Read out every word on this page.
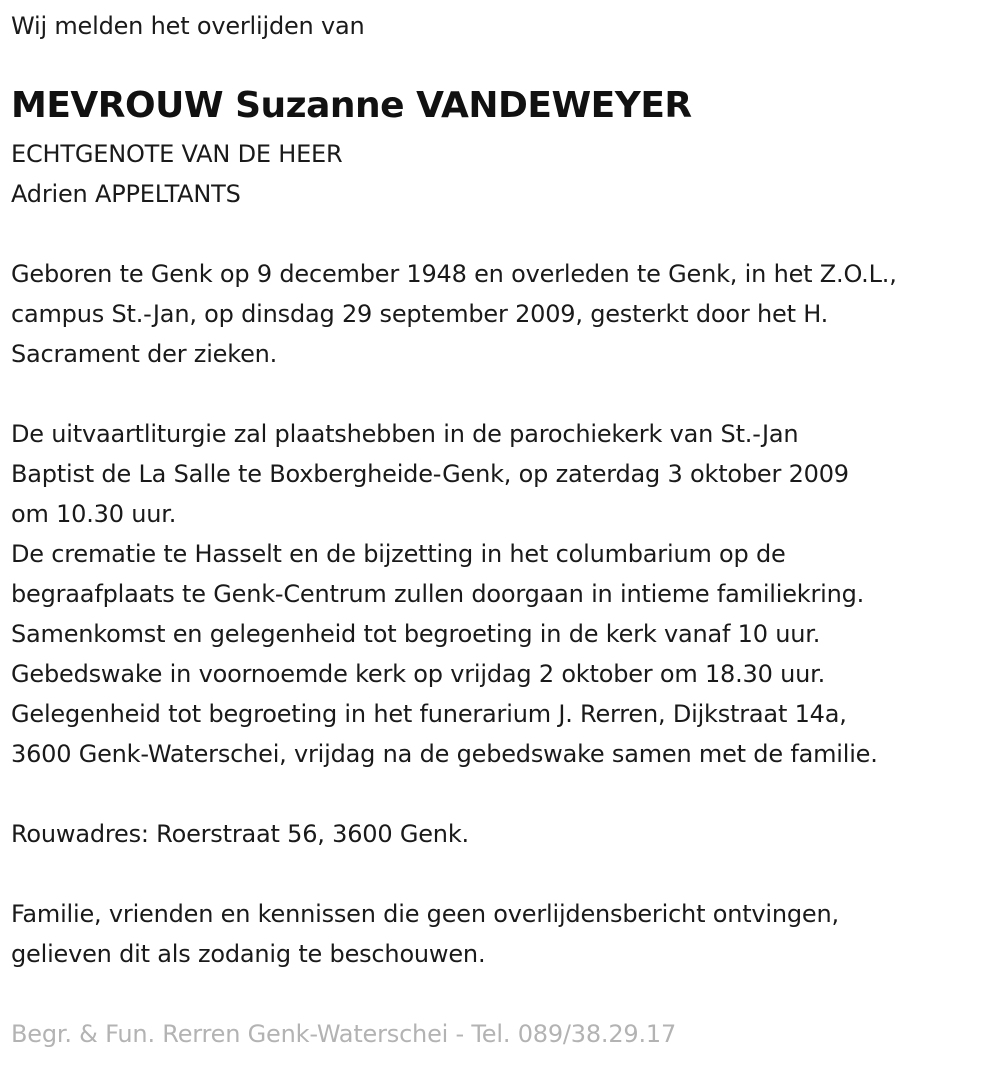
Wij melden het overlijden van
MEVROUW Suzanne VANDEWEYER
ECHTGENOTE VAN DE HEER
Adrien APPELTANTS
Geboren te Genk op 9 december 1948 en overleden te Genk, in het Z.O.L.,
campus St.-Jan, op dinsdag 29 september 2009, gesterkt door het H.
Sacrament der zieken.
De uitvaartliturgie zal plaatshebben in de parochiekerk van St.-Jan
Baptist de La Salle te Boxbergheide-Genk, op zaterdag 3 oktober 2009
om 10.30 uur.
De crematie te Hasselt en de bijzetting in het columbarium op de
begraafplaats te Genk-Centrum zullen doorgaan in intieme familiekring.
Samenkomst en gelegenheid tot begroeting in de kerk vanaf 10 uur.
Gebedswake in voornoemde kerk op vrijdag 2 oktober om 18.30 uur.
Gelegenheid tot begroeting in het funerarium J. Rerren, Dijkstraat 14a,
3600 Genk-Waterschei, vrijdag na de gebedswake samen met de familie.
Rouwadres: Roerstraat 56, 3600 Genk.
Familie, vrienden en kennissen die geen overlijdensbericht ontvingen,
gelieven dit als zodanig te beschouwen.
Begr. & Fun. Rerren Genk-Waterschei - Tel. 089/38.29.17
